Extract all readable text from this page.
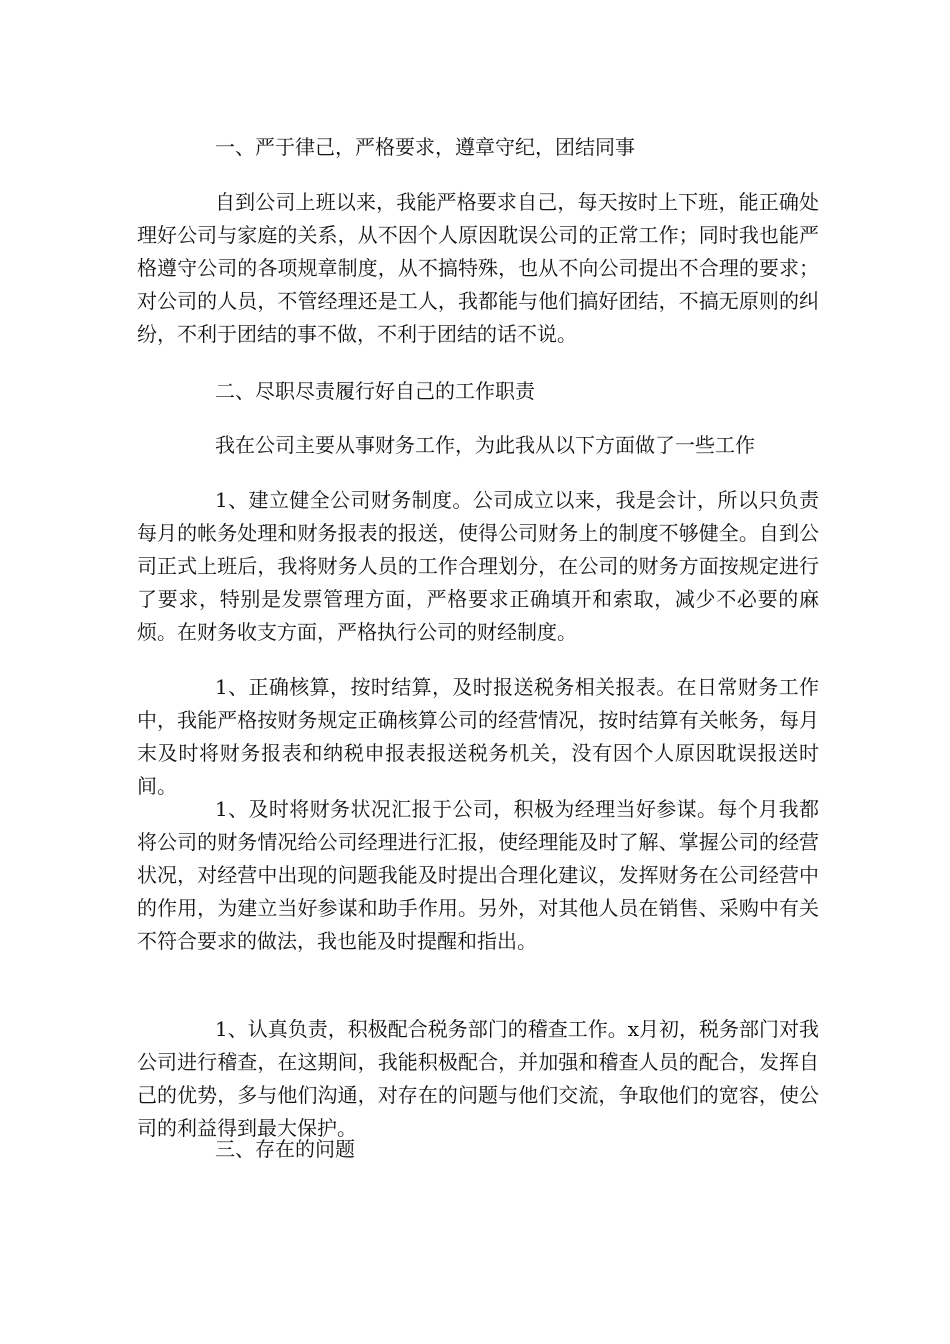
一、严于律己，严格要求，遵章守纪，团结同事

自到公司上班以来，我能严格要求自己，每天按时上下班，能正确处理好公司与家庭的关系，从不因个人原因耽误公司的正常工作；同时我也能严格遵守公司的各项规章制度，从不搞特殊，也从不向公司提出不合理的要求；对公司的人员，不管经理还是工人，我都能与他们搞好团结，不搞无原则的纠纷，不利于团结的事不做，不利于团结的话不说。

二、尽职尽责履行好自己的工作职责

我在公司主要从事财务工作，为此我从以下方面做了一些工作

1、建立健全公司财务制度。公司成立以来，我是会计，所以只负责每月的帐务处理和财务报表的报送，使得公司财务上的制度不够健全。自到公司正式上班后，我将财务人员的工作合理划分，在公司的财务方面按规定进行了要求，特别是发票管理方面，严格要求正确填开和索取，减少不必要的麻烦。在财务收支方面，严格执行公司的财经制度。

1、正确核算，按时结算，及时报送税务相关报表。在日常财务工作中，我能严格按财务规定正确核算公司的经营情况，按时结算有关帐务，每月末及时将财务报表和纳税申报表报送税务机关，没有因个人原因耽误报送时间。

1、及时将财务状况汇报于公司，积极为经理当好参谋。每个月我都将公司的财务情况给公司经理进行汇报，使经理能及时了解、掌握公司的经营状况，对经营中出现的问题我能及时提出合理化建议，发挥财务在公司经营中的作用，为建立当好参谋和助手作用。另外，对其他人员在销售、采购中有关不符合要求的做法，我也能及时提醒和指出。

1、认真负责，积极配合税务部门的稽查工作。x月初，税务部门对我公司进行稽查，在这期间，我能积极配合，并加强和稽查人员的配合，发挥自己的优势，多与他们沟通，对存在的问题与他们交流，争取他们的宽容，使公司的利益得到最大保护。

三、存在的问题
